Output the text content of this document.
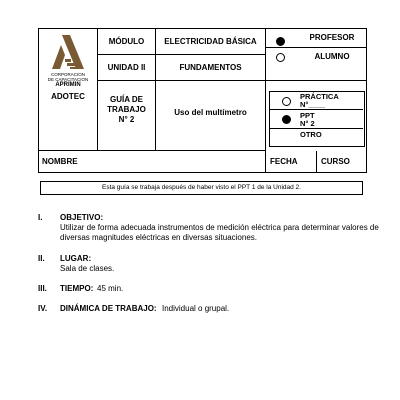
CORPORACION
DE CAPACITACION
APRIMIN
ADOTEC
MÓDULO	ELECTRICIDAD BÁSICA
UNIDAD II	FUNDAMENTOS
GUÍA DE TRABAJO N° 2
Uso del multímetro
PROFESOR
ALUMNO
PRÁCTICA N°____
PPT N° 2
OTRO
NOMBRE	FECHA	CURSO
Esta guía se trabaja después de haber visto el PPT 1 de la Unidad 2.
I.	OBJETIVO:
Utilizar de forma adecuada instrumentos de medición eléctrica para determinar valores de diversas magnitudes eléctricas en diversas situaciones.
II.	LUGAR:
Sala de clases.
III.	TIEMPO: 45 min.
IV.	DINÁMICA DE TRABAJO: Individual o grupal.
